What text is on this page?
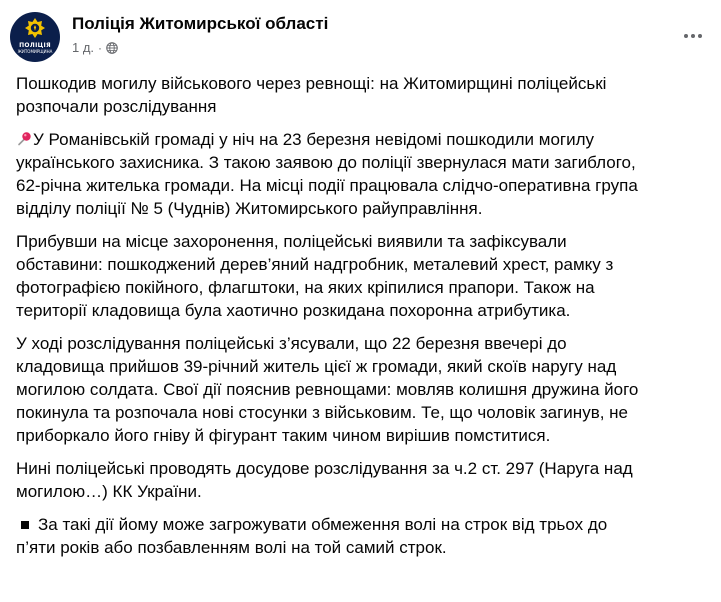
ПОЛІЦІЯ
ЖИТОМИРЩИНА
Поліція Житомирської області
1 д. ·

Пошкодив могилу військового через ревнощі: на Житомирщині поліцейські
розпочали розслідування

У Романівській громаді у ніч на 23 березня невідомі пошкодили могилу
українського захисника. З такою заявою до поліції звернулася мати загиблого,
62-річна жителька громади. На місці події працювала слідчо-оперативна група
відділу поліції № 5 (Чуднів) Житомирського райуправління.

Прибувши на місце захоронення, поліцейські виявили та зафіксували
обставини: пошкоджений дерев’яний надгробник, металевий хрест, рамку з
фотографією покійного, флагштоки, на яких кріпилися прапори. Також на
території кладовища була хаотично розкидана похоронна атрибутика.

У ході розслідування поліцейські з’ясували, що 22 березня ввечері до
кладовища прийшов 39-річний житель цієї ж громади, який скоїв наругу над
могилою солдата. Свої дії пояснив ревнощами: мовляв колишня дружина його
покинула та розпочала нові стосунки з військовим. Те, що чоловік загинув, не
приборкало його гніву й фігурант таким чином вирішив помститися.

Нині поліцейські проводять досудове розслідування за ч.2 ст. 297 (Наруга над
могилою…) КК України.

За такі дії йому може загрожувати обмеження волі на строк від трьох до
п’яти років або позбавленням волі на той самий строк.
